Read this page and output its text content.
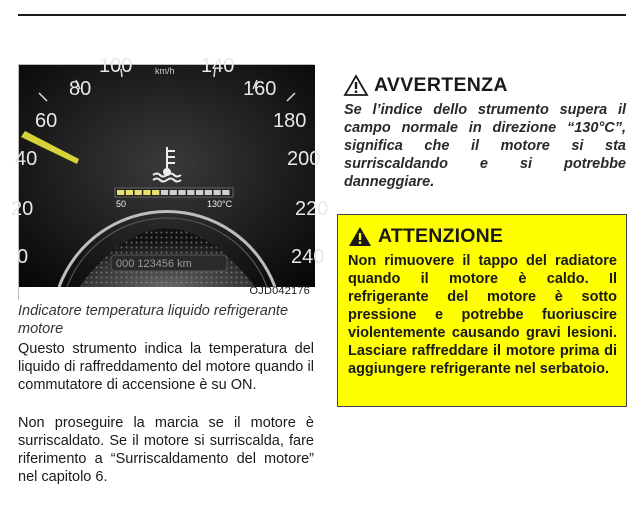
100	140
80	160
60	180
40	200
20	220
0	240
km/h
50	130°C
000 123456 km
OJD042176
Indicatore temperatura liquido refrigerante motore
Questo strumento indica la temperatura del liquido di raffreddamento del motore quando il commutatore di accensione è su ON.
Non proseguire la marcia se il motore è surriscaldato. Se il motore si surriscalda, fare riferimento a “Surriscaldamento del motore” nel capitolo 6.
AVVERTENZA
Se l’indice dello strumento supera il campo normale in direzione “130°C”, significa che il motore si sta surriscaldando e si potrebbe danneggiare.
ATTENZIONE
Non rimuovere il tappo del radiatore quando il motore è caldo. Il refrigerante del motore è sotto pressione e potrebbe fuoriuscire violentemente causando gravi lesioni. Lasciare raffreddare il motore prima di aggiungere refrigerante nel serbatoio.
